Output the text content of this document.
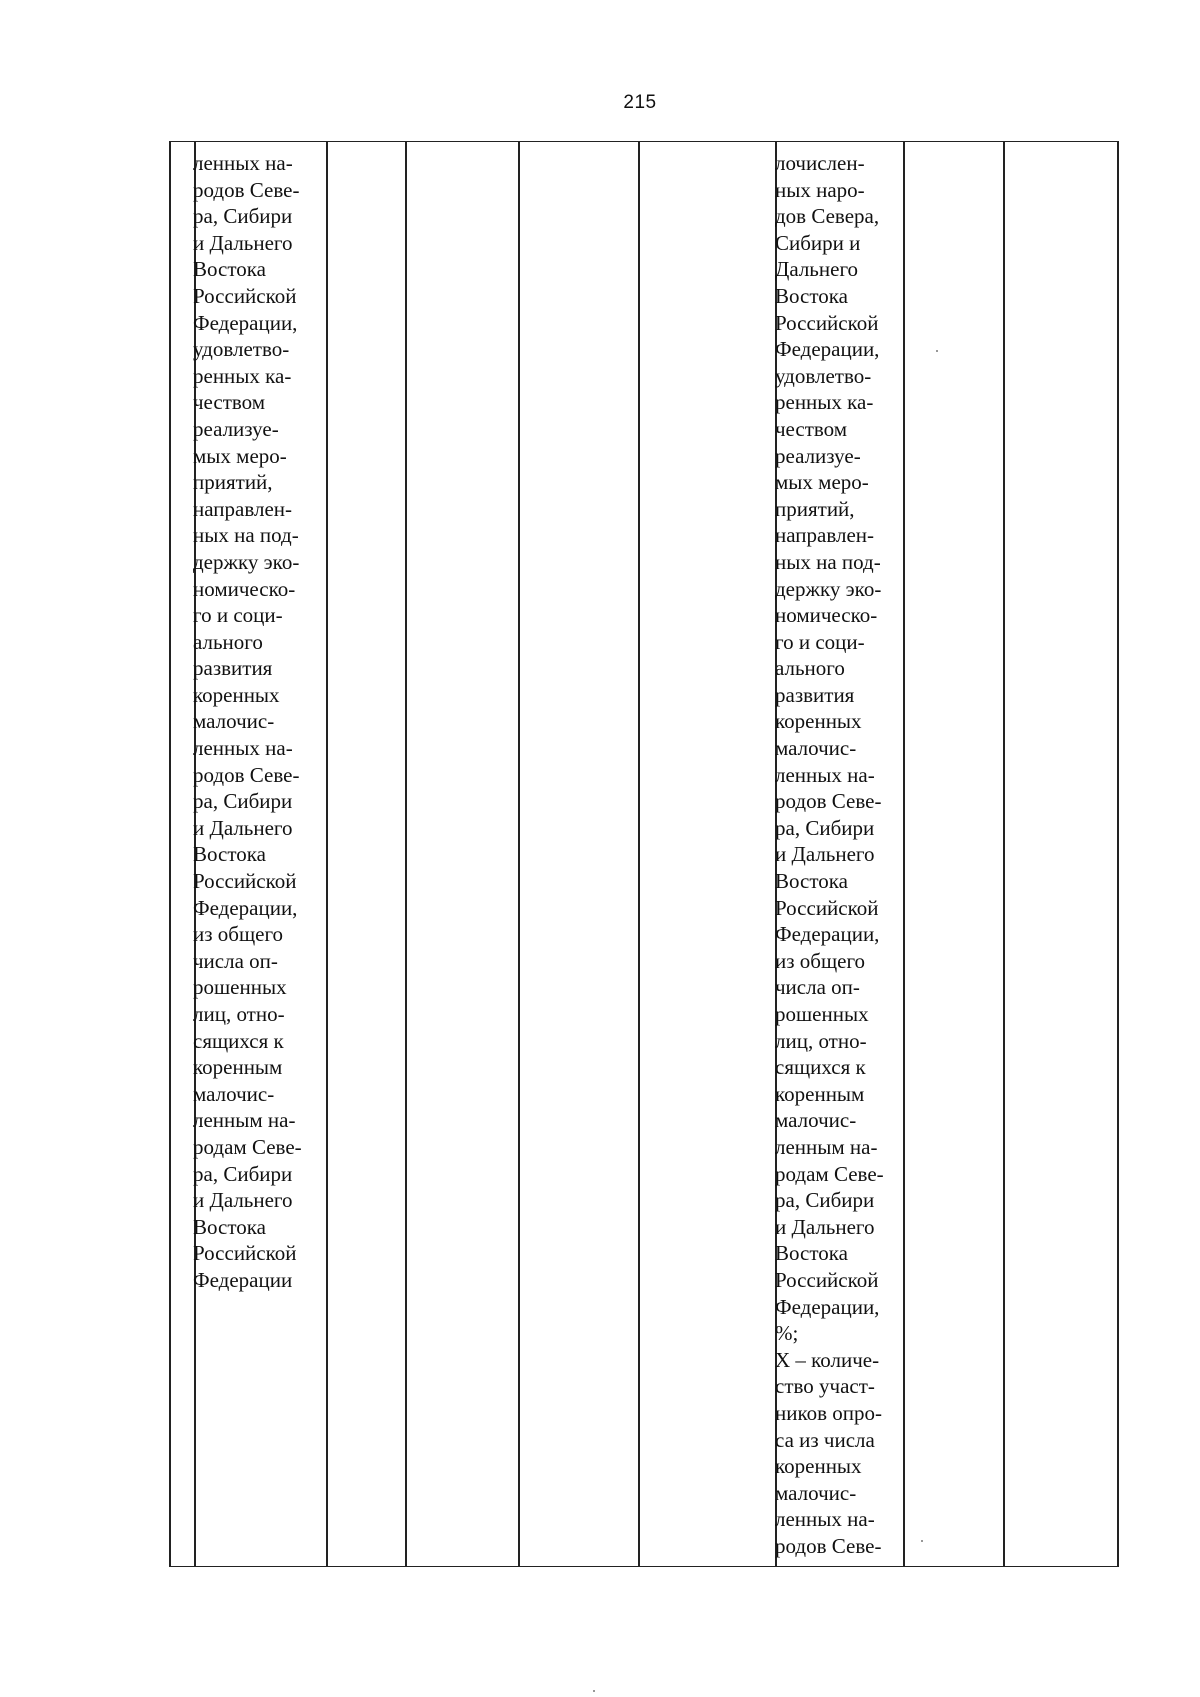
215
ленных на-
родов Севе-
ра, Сибири
и Дальнего
Востока
Российской
Федерации,
удовлетво-
ренных ка-
чеством
реализуе-
мых меро-
приятий,
направлен-
ных на под-
держку эко-
номическо-
го и соци-
ального
развития
коренных
малочис-
ленных на-
родов Севе-
ра, Сибири
и Дальнего
Востока
Российской
Федерации,
из общего
числа оп-
рошенных
лиц, отно-
сящихся к
коренным
малочис-
ленным на-
родам Севе-
ра, Сибири
и Дальнего
Востока
Российской
Федерации
лочислен-
ных наро-
дов Севера,
Сибири и
Дальнего
Востока
Российской
Федерации,
удовлетво-
ренных ка-
чеством
реализуе-
мых меро-
приятий,
направлен-
ных на под-
держку эко-
номическо-
го и соци-
ального
развития
коренных
малочис-
ленных на-
родов Севе-
ра, Сибири
и Дальнего
Востока
Российской
Федерации,
из общего
числа оп-
рошенных
лиц, отно-
сящихся к
коренным
малочис-
ленным на-
родам Севе-
ра, Сибири
и Дальнего
Востока
Российской
Федерации,
%;
X – количе-
ство участ-
ников опро-
са из числа
коренных
малочис-
ленных на-
родов Севе-
